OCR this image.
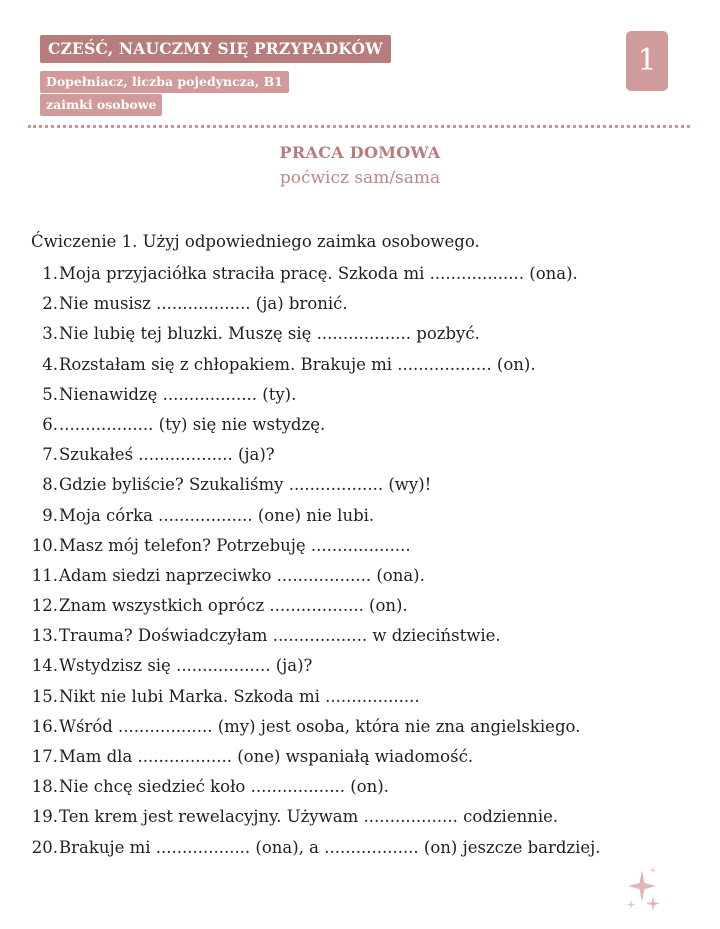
CZEŚĆ, NAUCZMY SIĘ PRZYPADKÓW
Dopełniacz, liczba pojedyncza, B1
zaimki osobowe
1
PRACA DOMOWA
poćwicz sam/sama
Ćwiczenie 1. Użyj odpowiedniego zaimka osobowego.
1. Moja przyjaciółka straciła pracę. Szkoda mi .................. (ona).
2. Nie musisz .................. (ja) bronić.
3. Nie lubię tej bluzki. Muszę się .................. pozbyć.
4. Rozstałam się z chłopakiem. Brakuje mi .................. (on).
5. Nienawidzę .................. (ty).
6. .................. (ty) się nie wstydzę.
7. Szukałeś .................. (ja)?
8. Gdzie byliście? Szukaliśmy .................. (wy)!
9. Moja córka .................. (one) nie lubi.
10. Masz mój telefon? Potrzebuję ...................
11. Adam siedzi naprzeciwko .................. (ona).
12. Znam wszystkich oprócz .................. (on).
13. Trauma? Doświadczyłam .................. w dzieciństwie.
14. Wstydzisz się .................. (ja)?
15. Nikt nie lubi Marka. Szkoda mi ..................
16. Wśród .................. (my) jest osoba, która nie zna angielskiego.
17. Mam dla .................. (one) wspaniałą wiadomość.
18. Nie chcę siedzieć koło .................. (on).
19. Ten krem jest rewelacyjny. Używam .................. codziennie.
20. Brakuje mi .................. (ona), a .................. (on) jeszcze bardziej.
